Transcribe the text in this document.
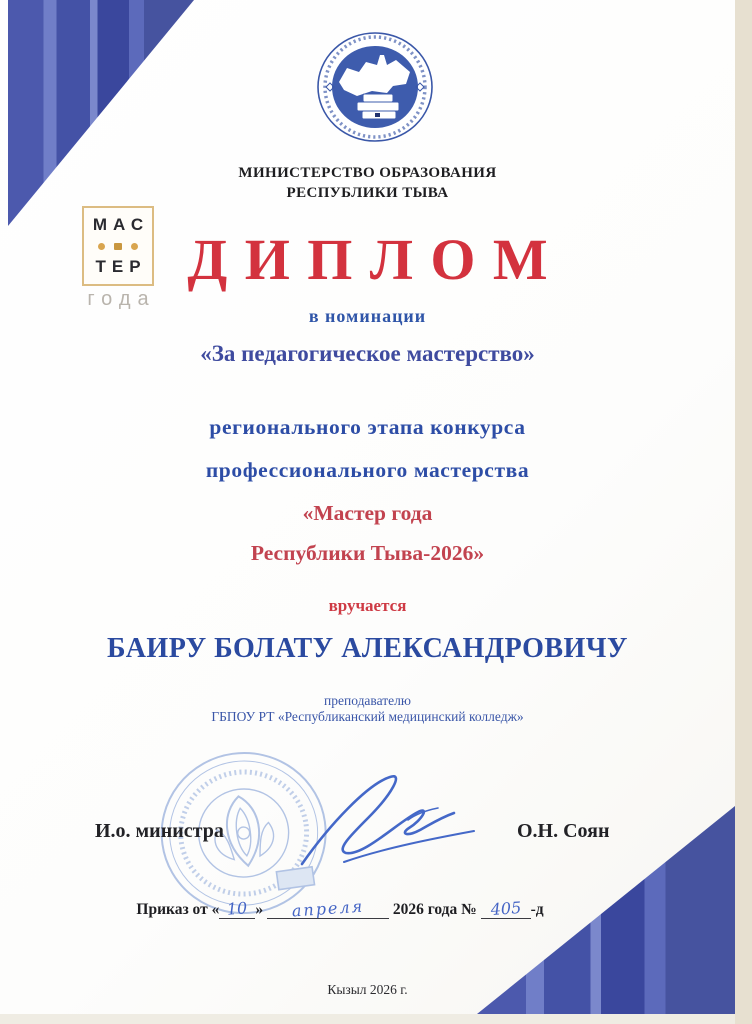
МИНИСТЕРСТВО ОБРАЗОВАНИЯ
РЕСПУБЛИКИ ТЫВА
МАС
ТЕР
года
ДИПЛОМ
в номинации
«За педагогическое мастерство»
регионального этапа конкурса
профессионального мастерства
«Мастер года
Республики Тыва-2026»
вручается
БАИРУ БОЛАТУ АЛЕКСАНДРОВИЧУ
преподавателю
ГБПОУ РТ «Республиканский медицинский колледж»
И.о. министра	О.Н. Соян
Приказ от « 10 »	апреля	2026 года № 405 -д
Кызыл 2026 г.
